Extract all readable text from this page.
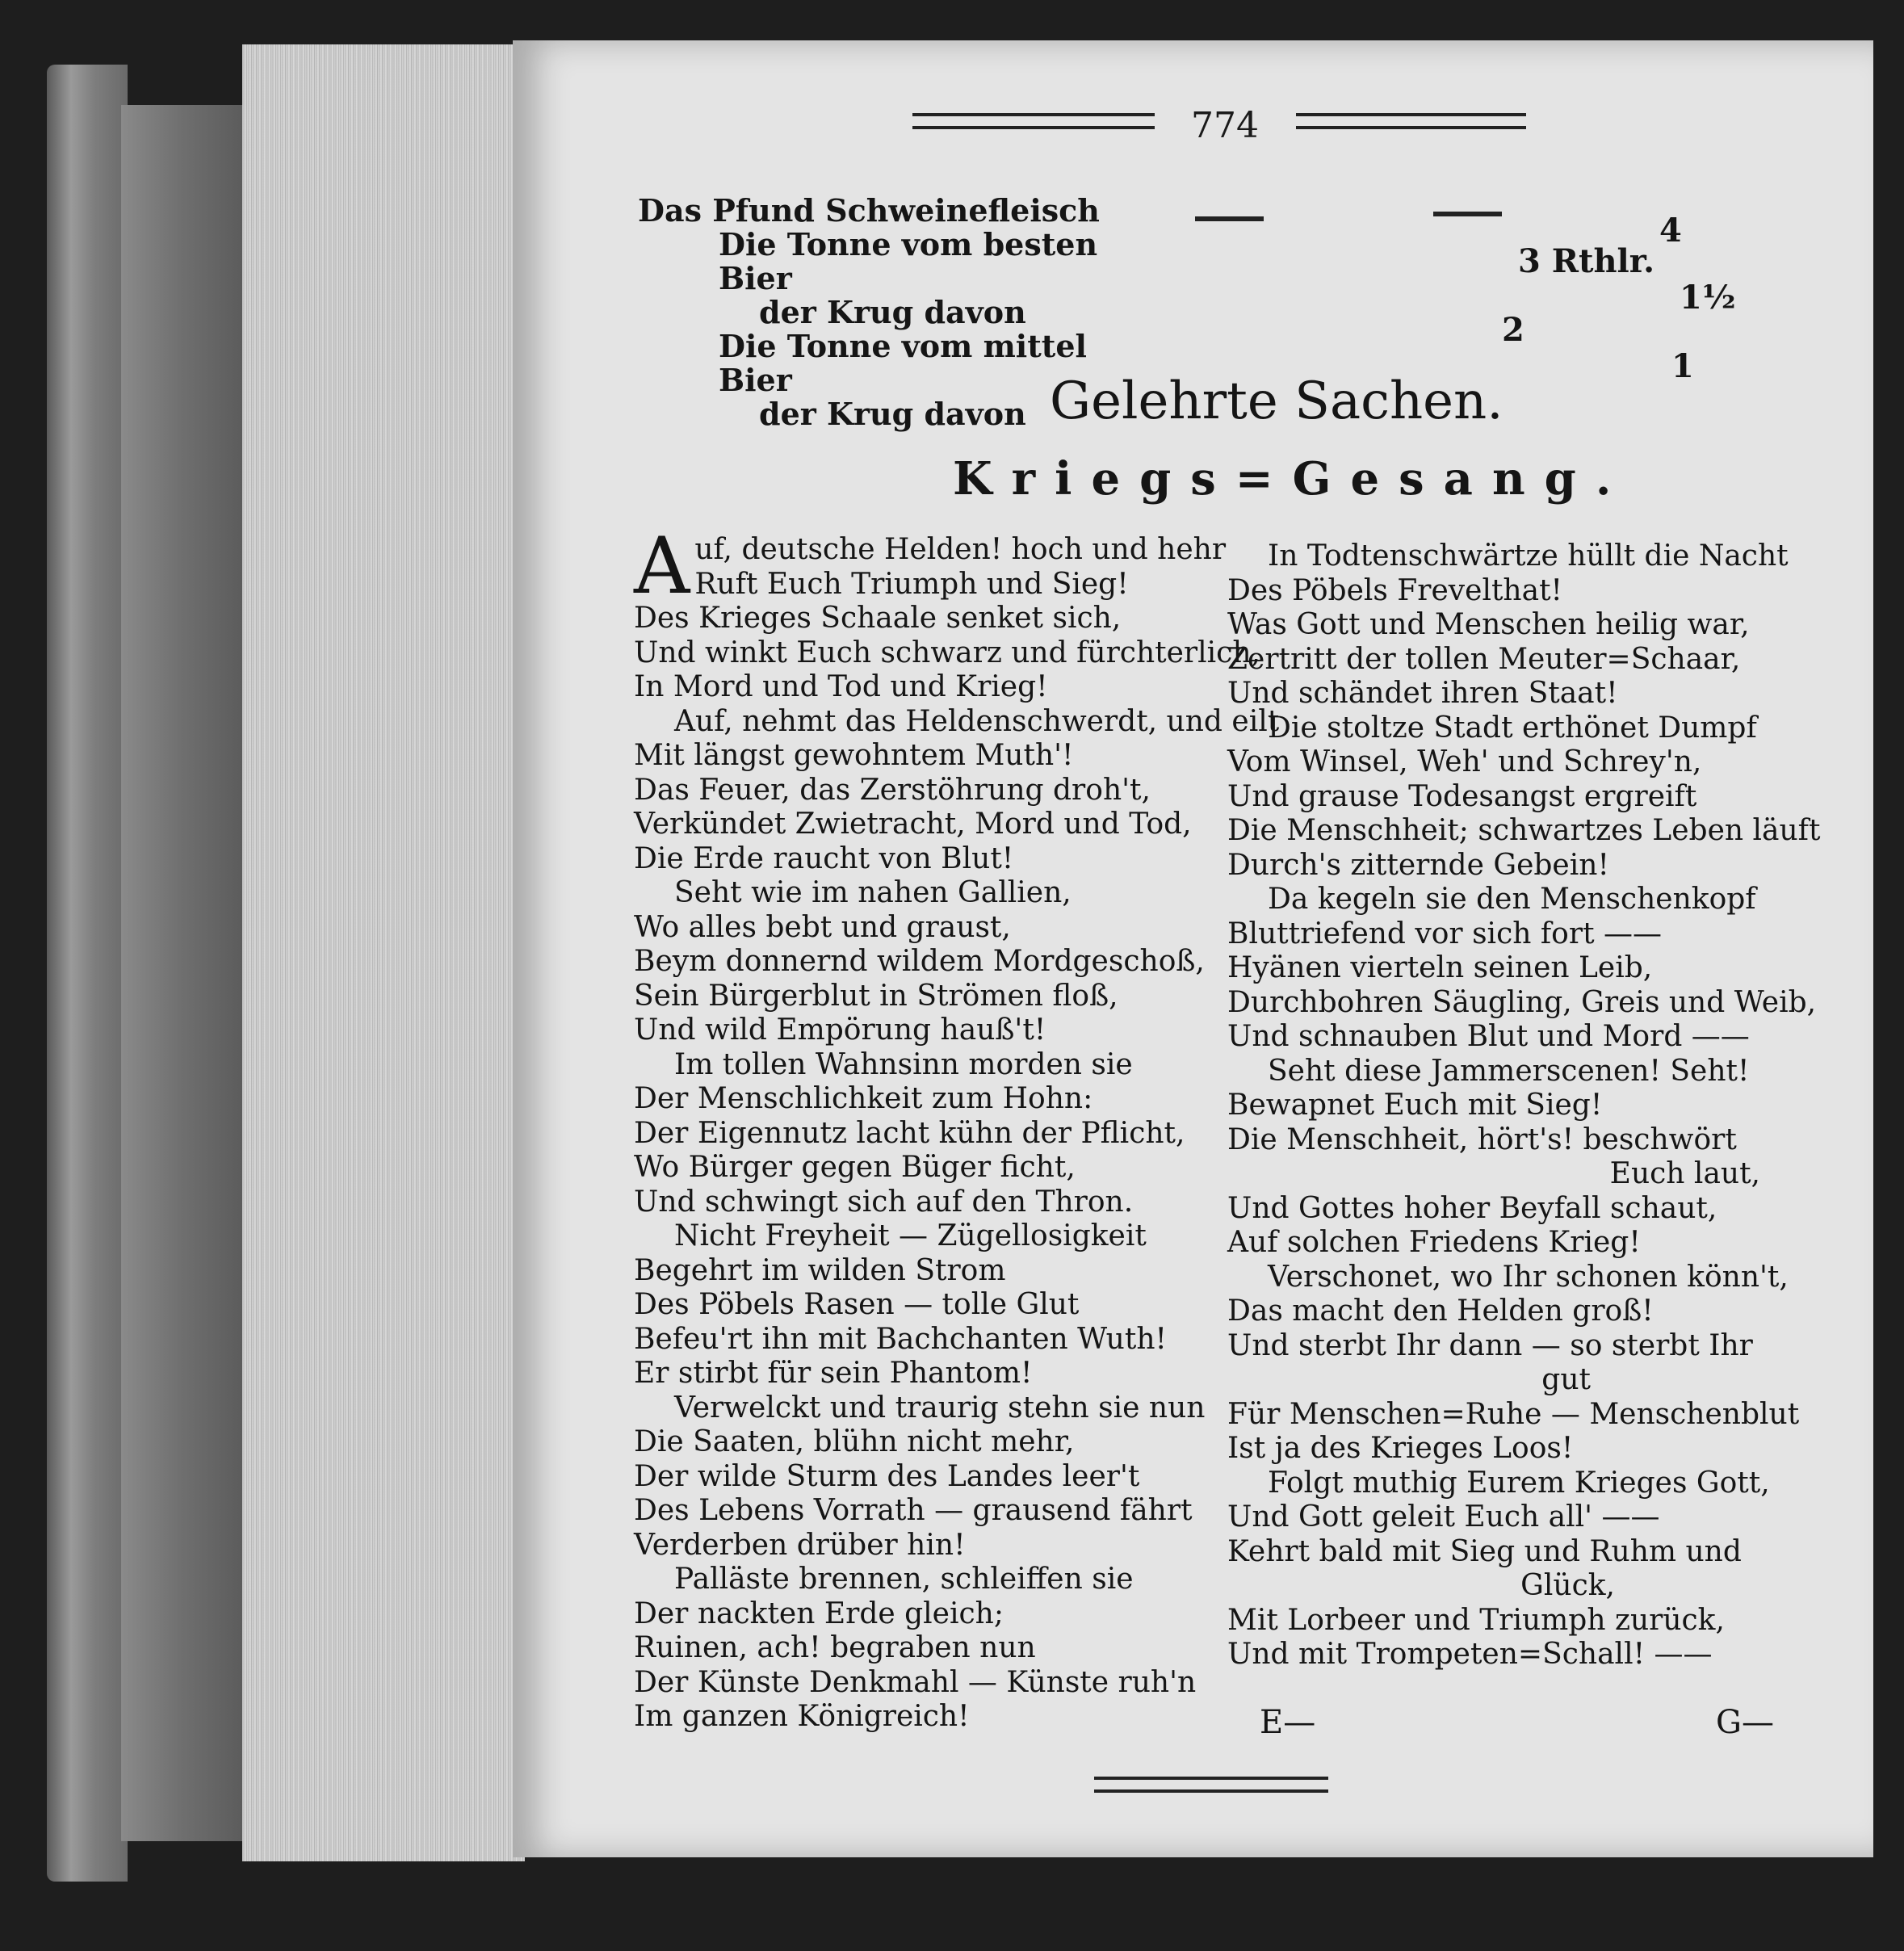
774
Das Pfund Schweinefleisch
Die Tonne vom besten Bier
der Krug davon
Die Tonne vom mittel Bier
der Krug davon
4
3 Rthlr.
1½
2
1
Gelehrte Sachen.
Kriegs=Gesang.
Auf, deutsche Helden! hoch und hehr
Ruft Euch Triumph und Sieg!
Des Krieges Schaale senket sich,
Und winkt Euch schwarz und fürchterlich,
In Mord und Tod und Krieg!
Auf, nehmt das Heldenschwerdt, und eilt
Mit längst gewohntem Muth'!
Das Feuer, das Zerstöhrung droh't,
Verkündet Zwietracht, Mord und Tod,
Die Erde raucht von Blut!
Seht wie im nahen Gallien,
Wo alles bebt und graust,
Beym donnernd wildem Mordgeschoß,
Sein Bürgerblut in Strömen floß,
Und wild Empörung hauß't!
Im tollen Wahnsinn morden sie
Der Menschlichkeit zum Hohn:
Der Eigennutz lacht kühn der Pflicht,
Wo Bürger gegen Büger ficht,
Und schwingt sich auf den Thron.
Nicht Freyheit — Zügellosigkeit
Begehrt im wilden Strom
Des Pöbels Rasen — tolle Glut
Befeu'rt ihn mit Bachchanten Wuth!
Er stirbt für sein Phantom!
Verwelckt und traurig stehn sie nun
Die Saaten, blühn nicht mehr,
Der wilde Sturm des Landes leer't
Des Lebens Vorrath — grausend fährt
Verderben drüber hin!
Palläste brennen, schleiffen sie
Der nackten Erde gleich;
Ruinen, ach! begraben nun
Der Künste Denkmahl — Künste ruh'n
Im ganzen Königreich!
In Todtenschwärtze hüllt die Nacht
Des Pöbels Frevelthat!
Was Gott und Menschen heilig war,
Zertritt der tollen Meuter=Schaar,
Und schändet ihren Staat!
Die stoltze Stadt erthönet Dumpf
Vom Winsel, Weh' und Schrey'n,
Und grause Todesangst ergreift
Die Menschheit; schwartzes Leben läuft
Durch's zitternde Gebein!
Da kegeln sie den Menschenkopf
Bluttriefend vor sich fort ——
Hyänen vierteln seinen Leib,
Durchbohren Säugling, Greis und Weib,
Und schnauben Blut und Mord ——
Seht diese Jammerscenen! Seht!
Bewapnet Euch mit Sieg!
Die Menschheit, hört's! beschwört
Euch laut,
Und Gottes hoher Beyfall schaut,
Auf solchen Friedens Krieg!
Verschonet, wo Ihr schonen könn't,
Das macht den Helden groß!
Und sterbt Ihr dann — so sterbt Ihr
gut
Für Menschen=Ruhe — Menschenblut
Ist ja des Krieges Loos!
Folgt muthig Eurem Krieges Gott,
Und Gott geleit Euch all' ——
Kehrt bald mit Sieg und Ruhm und
Glück,
Mit Lorbeer und Triumph zurück,
Und mit Trompeten=Schall! ——
E—	G—
